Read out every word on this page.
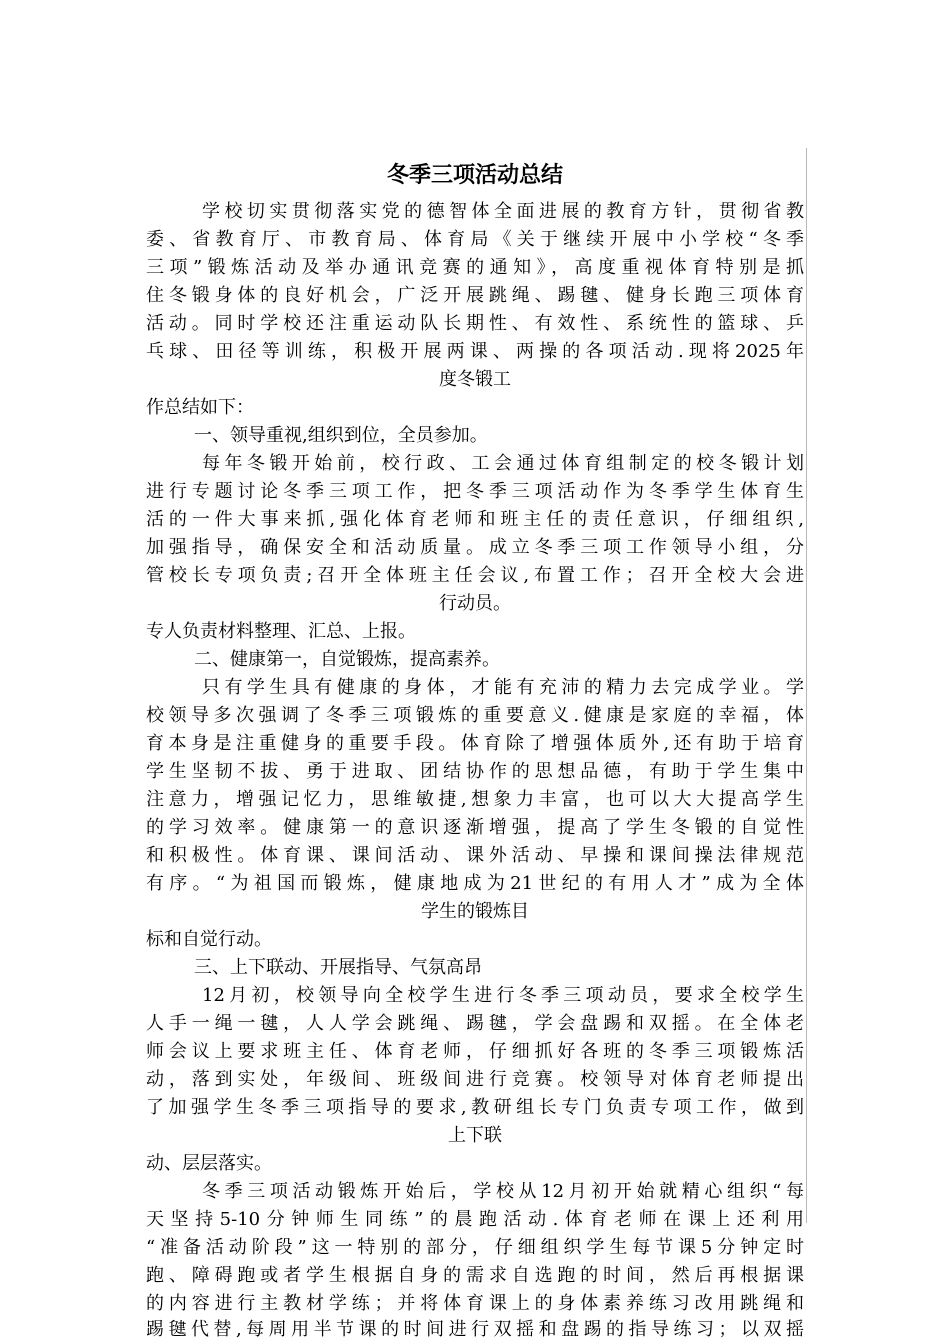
冬季三项活动总结
学校切实贯彻落实党的德智体全面进展的教育方针，贯彻省教
委、省教育厅、市教育局、体育局《关于继续开展中小学校“冬季
三项”锻炼活动及举办通讯竞赛的通知》，高度重视体育特别是抓
住冬锻身体的良好机会，广泛开展跳绳、踢毽、健身长跑三项体育
活动。同时学校还注重运动队长期性、有效性、系统性的篮球、乒
乓球、田径等训练，积极开展两课、两操的各项活动.现将2025年
度冬锻工
作总结如下：
一、领导重视,组织到位，全员参加。
每年冬锻开始前，校行政、工会通过体育组制定的校冬锻计划
进行专题讨论冬季三项工作，把冬季三项活动作为冬季学生体育生
活的一件大事来抓,强化体育老师和班主任的责任意识，仔细组织,
加强指导，确保安全和活动质量。成立冬季三项工作领导小组，分
管校长专项负责;召开全体班主任会议,布置工作；召开全校大会进
行动员。
专人负责材料整理、汇总、上报。
二、健康第一，自觉锻炼，提高素养。
只有学生具有健康的身体，才能有充沛的精力去完成学业。学
校领导多次强调了冬季三项锻炼的重要意义.健康是家庭的幸福，体
育本身是注重健身的重要手段。体育除了增强体质外,还有助于培育
学生坚韧不拔、勇于进取、团结协作的思想品德，有助于学生集中
注意力，增强记忆力，思维敏捷,想象力丰富，也可以大大提高学生
的学习效率。健康第一的意识逐渐增强，提高了学生冬锻的自觉性
和积极性。体育课、课间活动、课外活动、早操和课间操法律规范
有序。“为祖国而锻炼，健康地成为21世纪的有用人才”成为全体
学生的锻炼目
标和自觉行动。
三、上下联动、开展指导、气氛高昂
12月初，校领导向全校学生进行冬季三项动员，要求全校学生
人手一绳一毽，人人学会跳绳、踢毽，学会盘踢和双摇。在全体老
师会议上要求班主任、体育老师，仔细抓好各班的冬季三项锻炼活
动，落到实处，年级间、班级间进行竞赛。校领导对体育老师提出
了加强学生冬季三项指导的要求,教研组长专门负责专项工作，做到
上下联
动、层层落实。
冬季三项活动锻炼开始后，学校从12月初开始就精心组织“每
天坚持5-10分钟师生同练”的晨跑活动.体育老师在课上还利用
“准备活动阶段”这一特别的部分，仔细组织学生每节课5分钟定时
跑、障碍跑或者学生根据自身的需求自选跑的时间，然后再根据课
的内容进行主教材学练；并将体育课上的身体素养练习改用跳绳和
踢毽代替,每周用半节课的时间进行双摇和盘踢的指导练习；以双摇
